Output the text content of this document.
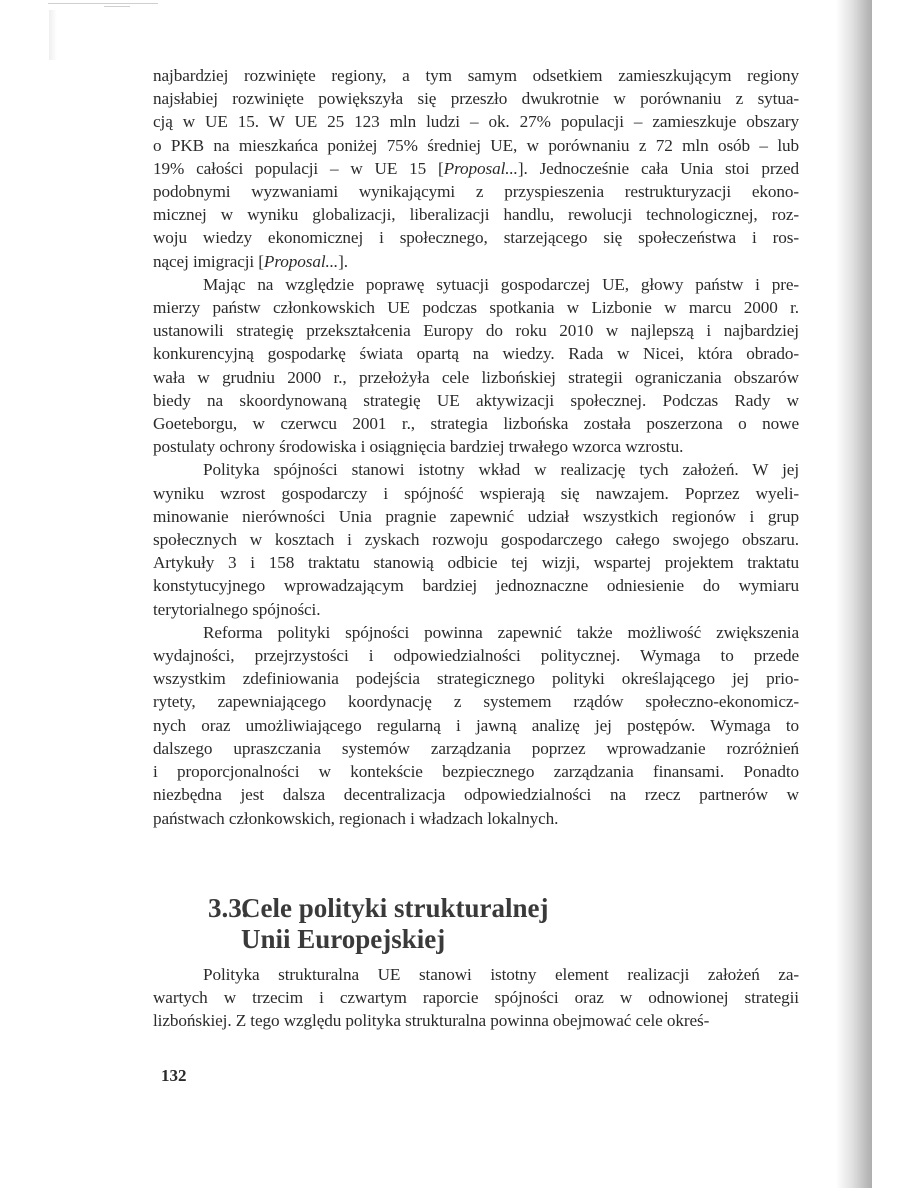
najbardziej rozwinięte regiony, a tym samym odsetkiem zamieszkującym regiony
najsłabiej rozwinięte powiększyła się przeszło dwukrotnie w porównaniu z sytua-
cją w UE 15. W UE 25 123 mln ludzi – ok. 27% populacji – zamieszkuje obszary
o PKB na mieszkańca poniżej 75% średniej UE, w porównaniu z 72 mln osób – lub
19% całości populacji – w UE 15 [Proposal...]. Jednocześnie cała Unia stoi przed
podobnymi wyzwaniami wynikającymi z przyspieszenia restrukturyzacji ekono-
micznej w wyniku globalizacji, liberalizacji handlu, rewolucji technologicznej, roz-
woju wiedzy ekonomicznej i społecznego, starzejącego się społeczeństwa i ros-
nącej imigracji [Proposal...].
Mając na względzie poprawę sytuacji gospodarczej UE, głowy państw i pre-
mierzy państw członkowskich UE podczas spotkania w Lizbonie w marcu 2000 r.
ustanowili strategię przekształcenia Europy do roku 2010 w najlepszą i najbardziej
konkurencyjną gospodarkę świata opartą na wiedzy. Rada w Nicei, która obrado-
wała w grudniu 2000 r., przełożyła cele lizbońskiej strategii ograniczania obszarów
biedy na skoordynowaną strategię UE aktywizacji społecznej. Podczas Rady w
Goeteborgu, w czerwcu 2001 r., strategia lizbońska została poszerzona o nowe
postulaty ochrony środowiska i osiągnięcia bardziej trwałego wzorca wzrostu.
Polityka spójności stanowi istotny wkład w realizację tych założeń. W jej
wyniku wzrost gospodarczy i spójność wspierają się nawzajem. Poprzez wyeli-
minowanie nierówności Unia pragnie zapewnić udział wszystkich regionów i grup
społecznych w kosztach i zyskach rozwoju gospodarczego całego swojego obszaru.
Artykuły 3 i 158 traktatu stanowią odbicie tej wizji, wspartej projektem traktatu
konstytucyjnego wprowadzającym bardziej jednoznaczne odniesienie do wymiaru
terytorialnego spójności.
Reforma polityki spójności powinna zapewnić także możliwość zwiększenia
wydajności, przejrzystości i odpowiedzialności politycznej. Wymaga to przede
wszystkim zdefiniowania podejścia strategicznego polityki określającego jej prio-
rytety, zapewniającego koordynację z systemem rządów społeczno-ekonomicz-
nych oraz umożliwiającego regularną i jawną analizę jej postępów. Wymaga to
dalszego upraszczania systemów zarządzania poprzez wprowadzanie rozróżnień
i proporcjonalności w kontekście bezpiecznego zarządzania finansami. Ponadto
niezbędna jest dalsza decentralizacja odpowiedzialności na rzecz partnerów w
państwach członkowskich, regionach i władzach lokalnych.
3.3.
Cele polityki strukturalnej
Unii Europejskiej
Polityka strukturalna UE stanowi istotny element realizacji założeń za-
wartych w trzecim i czwartym raporcie spójności oraz w odnowionej strategii
lizbońskiej. Z tego względu polityka strukturalna powinna obejmować cele okreś-
132
